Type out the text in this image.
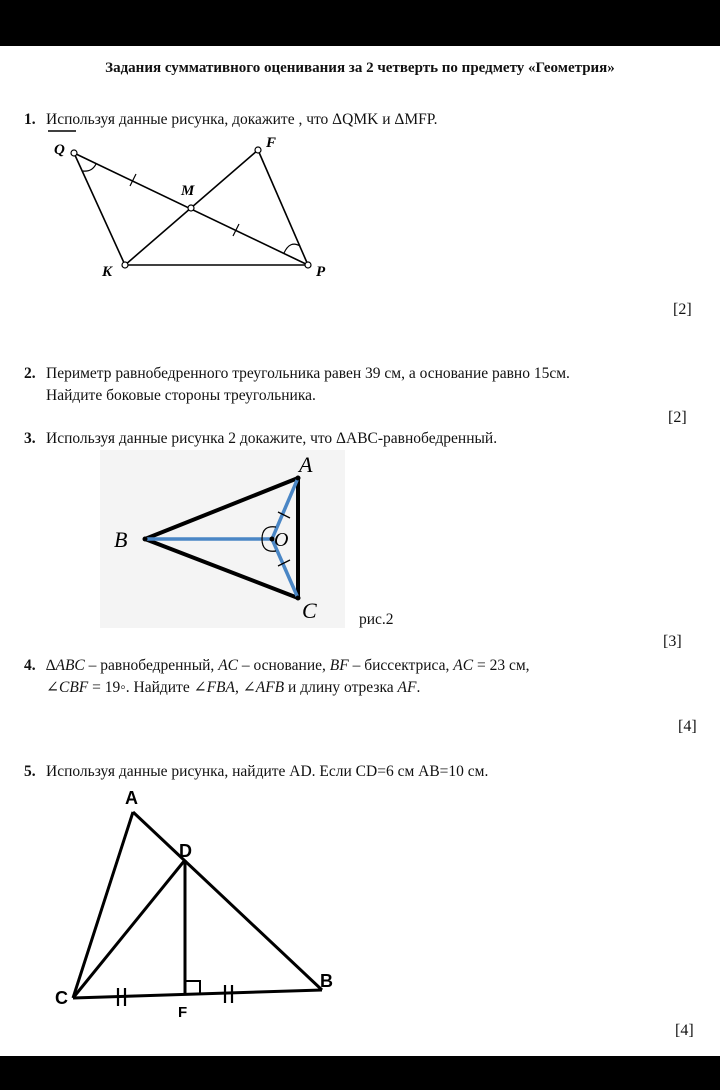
Задания суммативного оценивания за 2 четверть по предмету «Геометрия»
1. Используя данные рисунка, докажите , что ΔQMK и ΔMFP.
Q	F
M
K	P
[2]
2. Периметр равнобедренного треугольника равен 39 см, а основание равно 15см.
Найдите боковые стороны треугольника.
[2]
3. Используя данные рисунка 2 докажите, что ΔABC-равнобедренный.
A
B	O
C	рис.2
[3]
4. ∆ABC – равнобедренный, AC – основание, BF – биссектриса, AC = 23 см,
∠CBF = 19◦. Найдите ∠FBA, ∠AFB и длину отрезка AF.
[4]
5. Используя данные рисунка, найдите AD. Если CD=6 см AB=10 см.
A
D
C
B
F
[4]
